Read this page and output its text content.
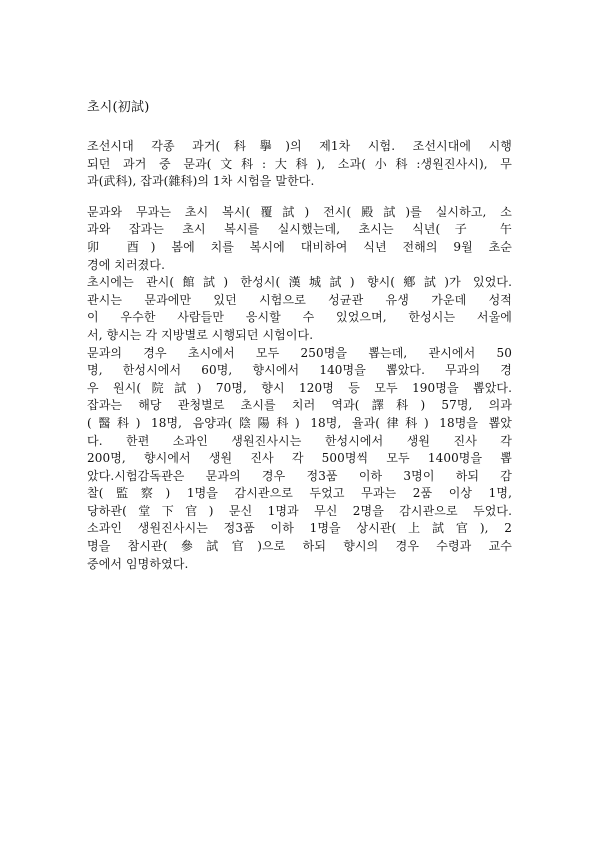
초시(初試)

조선시대 각종 과거(科擧)의 제1차 시험. 조선시대에 시행
되던 과거 중 문과(文科:大科), 소과(小科:생원진사시), 무
과(武科), 잡과(雜科)의 1차 시험을 말한다.

문과와 무과는 초시 복시(覆試) 전시(殿試)를 실시하고, 소
과와 잡과는 초시 복시를 실시했는데, 초시는 식년(子 午
卯 酉) 봄에 치를 복시에 대비하여 식년 전해의 9월 초순
경에 치러졌다.

초시에는 관시(館試) 한성시(漢城試) 향시(鄕試)가 있었다.
관시는 문과에만 있던 시험으로 성균관 유생 가운데 성적
이 우수한 사람들만 응시할 수 있었으며, 한성시는 서울에
서, 향시는 각 지방별로 시행되던 시험이다.

문과의 경우 초시에서 모두 250명을 뽑는데, 관시에서 50
명, 한성시에서 60명, 향시에서 140명을 뽑았다. 무과의 경
우 원시(院試) 70명, 향시 120명 등 모두 190명을 뽑았다.
잡과는 해당 관청별로 초시를 치러 역과(譯科) 57명, 의과
(醫科) 18명, 음양과(陰陽科) 18명, 율과(律科) 18명을 뽑았
다. 한편 소과인 생원진사시는 한성시에서 생원 진사 각
200명, 향시에서 생원 진사 각 500명씩 모두 1400명을 뽑
았다.시험감독관은 문과의 경우 정3품 이하 3명이 하되 감
찰(監察) 1명을 감시관으로 두었고 무과는 2품 이상 1명,
당하관(堂下官) 문신 1명과 무신 2명을 감시관으로 두었다.
소과인 생원진사시는 정3품 이하 1명을 상시관(上試官), 2
명을 참시관(參試官)으로 하되 향시의 경우 수령과 교수
중에서 임명하였다.
